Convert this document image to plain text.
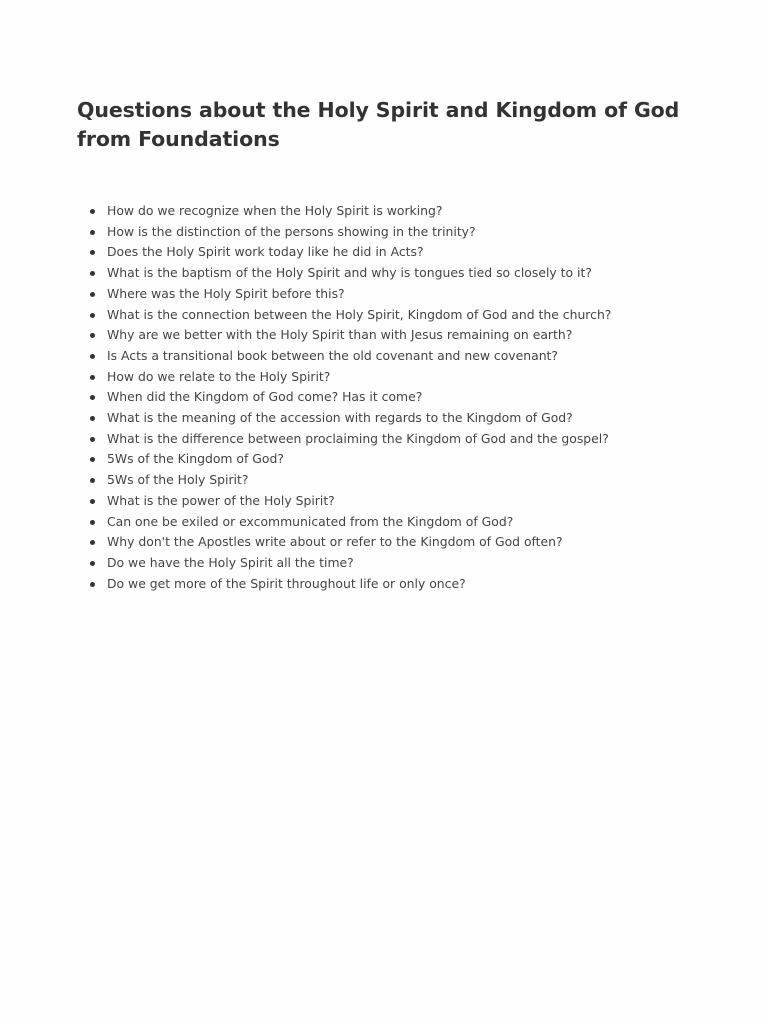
Questions about the Holy Spirit and Kingdom of God from Foundations
How do we recognize when the Holy Spirit is working?
How is the distinction of the persons showing in the trinity?
Does the Holy Spirit work today like he did in Acts?
What is the baptism of the Holy Spirit and why is tongues tied so closely to it?
Where was the Holy Spirit before this?
What is the connection between the Holy Spirit, Kingdom of God and the church?
Why are we better with the Holy Spirit than with Jesus remaining on earth?
Is Acts a transitional book between the old covenant and new covenant?
How do we relate to the Holy Spirit?
When did the Kingdom of God come? Has it come?
What is the meaning of the accession with regards to the Kingdom of God?
What is the difference between proclaiming the Kingdom of God and the gospel?
5Ws of the Kingdom of God?
5Ws of the Holy Spirit?
What is the power of the Holy Spirit?
Can one be exiled or excommunicated from the Kingdom of God?
Why don't the Apostles write about or refer to the Kingdom of God often?
Do we have the Holy Spirit all the time?
Do we get more of the Spirit throughout life or only once?
